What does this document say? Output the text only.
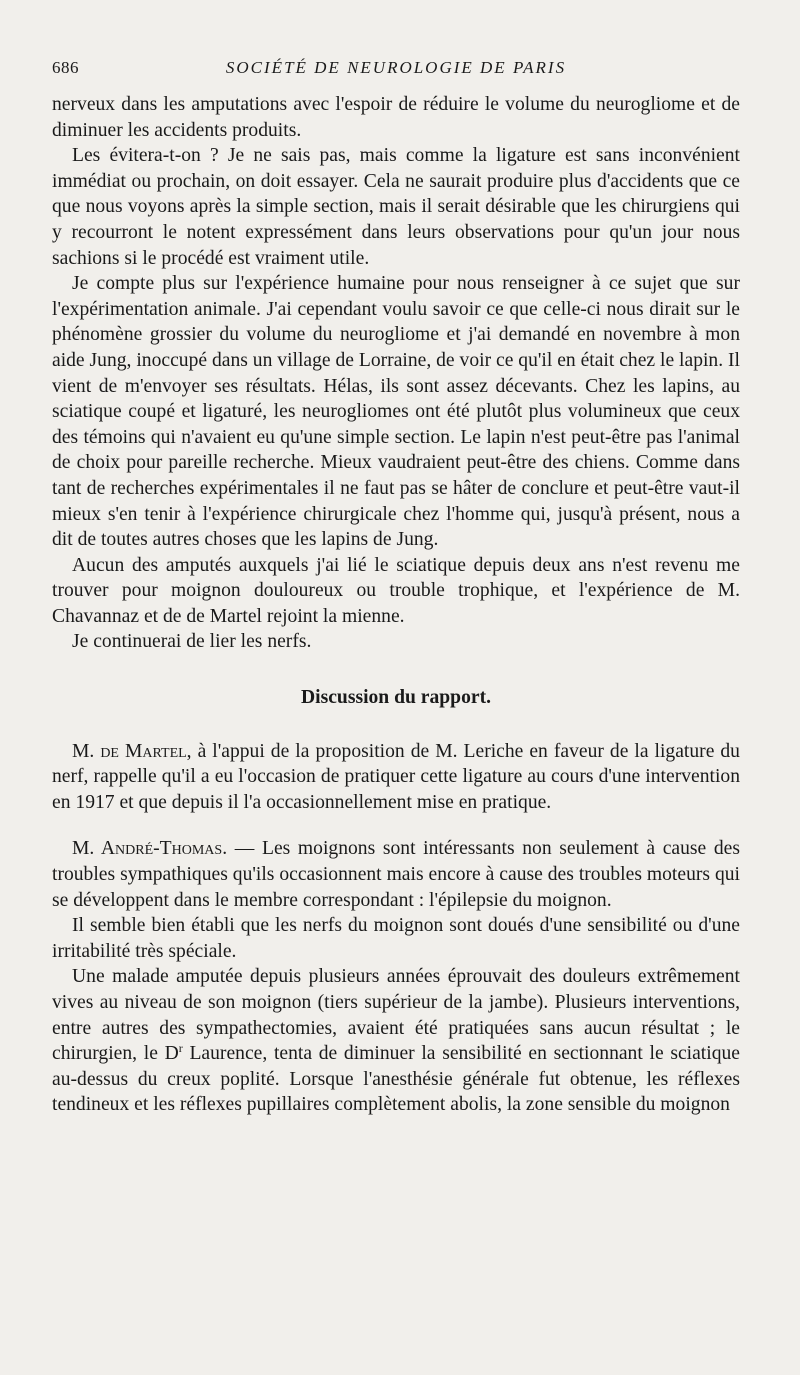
686	SOCIÉTÉ DE NEUROLOGIE DE PARIS

nerveux dans les amputations avec l'espoir de réduire le volume du neurogliome et de diminuer les accidents produits.

Les évitera-t-on ? Je ne sais pas, mais comme la ligature est sans inconvénient immédiat ou prochain, on doit essayer. Cela ne saurait produire plus d'accidents que ce que nous voyons après la simple section, mais il serait désirable que les chirurgiens qui y recourront le notent expressément dans leurs observations pour qu'un jour nous sachions si le procédé est vraiment utile.

Je compte plus sur l'expérience humaine pour nous renseigner à ce sujet que sur l'expérimentation animale. J'ai cependant voulu savoir ce que celle-ci nous dirait sur le phénomène grossier du volume du neurogliome et j'ai demandé en novembre à mon aide Jung, inoccupé dans un village de Lorraine, de voir ce qu'il en était chez le lapin. Il vient de m'envoyer ses résultats. Hélas, ils sont assez décevants. Chez les lapins, au sciatique coupé et ligaturé, les neurogliomes ont été plutôt plus volumineux que ceux des témoins qui n'avaient eu qu'une simple section. Le lapin n'est peut-être pas l'animal de choix pour pareille recherche. Mieux vaudraient peut-être des chiens. Comme dans tant de recherches expérimentales il ne faut pas se hâter de conclure et peut-être vaut-il mieux s'en tenir à l'expérience chirurgicale chez l'homme qui, jusqu'à présent, nous a dit de toutes autres choses que les lapins de Jung.

Aucun des amputés auxquels j'ai lié le sciatique depuis deux ans n'est revenu me trouver pour moignon douloureux ou trouble trophique, et l'expérience de M. Chavannaz et de de Martel rejoint la mienne.

Je continuerai de lier les nerfs.

Discussion du rapport.

M. de Martel, à l'appui de la proposition de M. Leriche en faveur de la ligature du nerf, rappelle qu'il a eu l'occasion de pratiquer cette ligature au cours d'une intervention en 1917 et que depuis il l'a occasionnellement mise en pratique.

M. André-Thomas. — Les moignons sont intéressants non seulement à cause des troubles sympathiques qu'ils occasionnent mais encore à cause des troubles moteurs qui se développent dans le membre correspondant : l'épilepsie du moignon.

Il semble bien établi que les nerfs du moignon sont doués d'une sensibilité ou d'une irritabilité très spéciale.

Une malade amputée depuis plusieurs années éprouvait des douleurs extrêmement vives au niveau de son moignon (tiers supérieur de la jambe). Plusieurs interventions, entre autres des sympathectomies, avaient été pratiquées sans aucun résultat ; le chirurgien, le $D^r$ Laurence, tenta de diminuer la sensibilité en sectionnant le sciatique au-dessus du creux poplité. Lorsque l'anesthésie générale fut obtenue, les réflexes tendineux et les réflexes pupillaires complètement abolis, la zone sensible du moignon
